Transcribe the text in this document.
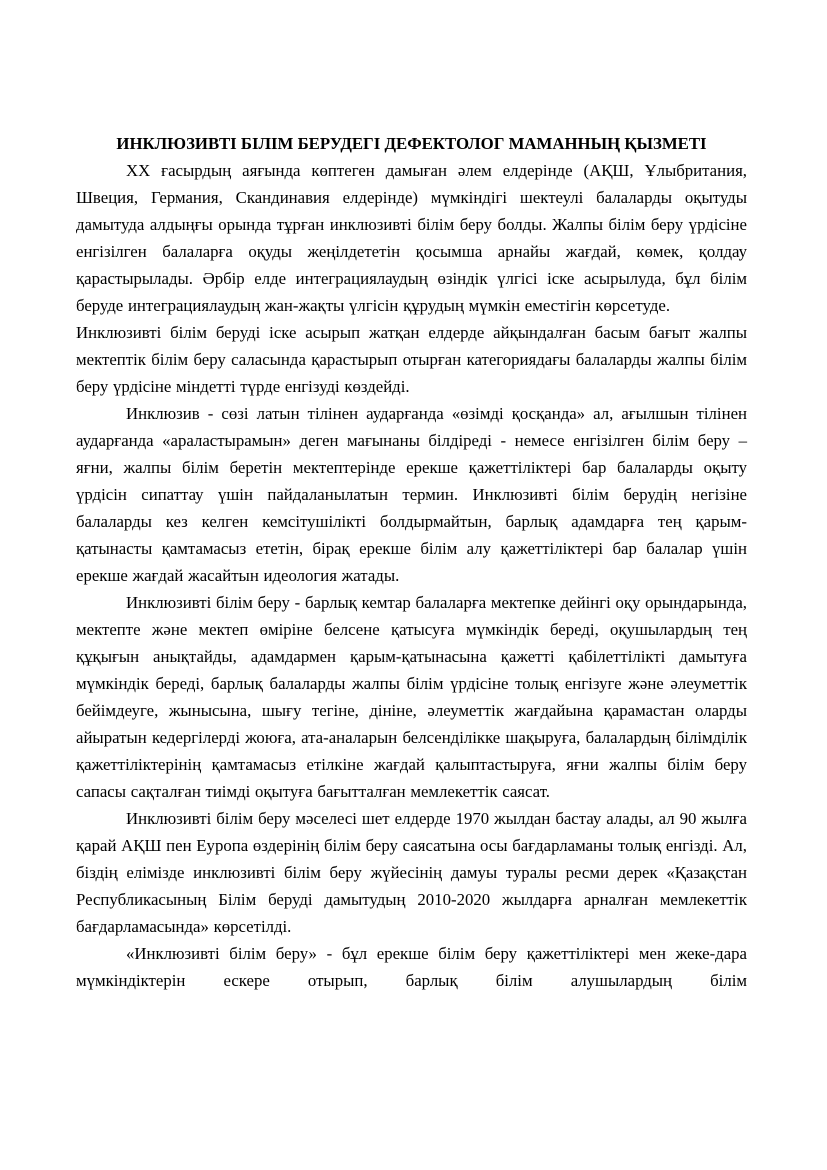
ИНКЛЮЗИВТІ БІЛІМ БЕРУДЕГІ ДЕФЕКТОЛОГ МАМАННЫҢ ҚЫЗМЕТІ

ХХ ғасырдың аяғында көптеген дамыған әлем елдерінде (АҚШ, Ұлыбритания, Швеция, Германия, Скандинавия елдерінде) мүмкіндігі шектеулі балаларды оқытуды дамытуда алдыңғы орында тұрған инклюзивті білім беру болды. Жалпы білім беру үрдісіне енгізілген балаларға оқуды жеңілдететін қосымша арнайы жағдай, көмек, қолдау қарастырылады. Әрбір елде интеграциялаудың өзіндік үлгісі іске асырылуда, бұл білім беруде интеграциялаудың жан-жақты үлгісін құрудың мүмкін еместігін көрсетуде.

Инклюзивті білім беруді іске асырып жатқан елдерде айқындалған басым бағыт жалпы мектептік білім беру саласында қарастырып отырған категориядағы балаларды жалпы білім беру үрдісіне міндетті түрде енгізуді көздейді.

Инклюзив - сөзі латын тілінен аударғанда «өзімді қосқанда» ал, ағылшын тілінен аударғанда «араластырамын» деген мағынаны білдіреді - немесе енгізілген білім беру – яғни, жалпы білім беретін мектептерінде ерекше қажеттіліктері бар балаларды оқыту үрдісін сипаттау үшін пайдаланылатын термин. Инклюзивті білім берудің негізіне балаларды кез келген кемсітушілікті болдырмайтын, барлық адамдарға тең қарым-қатынасты қамтамасыз ететін, бірақ ерекше білім алу қажеттіліктері бар балалар үшін ерекше жағдай жасайтын идеология жатады.

Инклюзивті білім беру - барлық кемтар балаларға мектепке дейінгі оқу орындарында, мектепте және мектеп өміріне белсене қатысуға мүмкіндік береді, оқушылардың тең құқығын анықтайды, адамдармен қарым-қатынасына қажетті қабілеттілікті дамытуға мүмкіндік береді, барлық балаларды жалпы білім үрдісіне толық енгізуге және әлеуметтік бейімдеуге, жынысына, шығу тегіне, дініне, әлеуметтік жағдайына қарамастан оларды айыратын кедергілерді жоюға, ата-аналарын белсенділікке шақыруға, балалардың білімділік қажеттіліктерінің қамтамасыз етілкіне жағдай қалыптастыруға, яғни жалпы білім беру сапасы сақталған тиімді оқытуға бағытталған мемлекеттік саясат.

Инклюзивті білім беру мәселесі шет елдерде 1970 жылдан бастау алады, ал 90 жылға қарай АҚШ пен Еуропа өздерінің білім беру саясатына осы бағдарламаны толық енгізді. Ал, біздің елімізде инклюзивті білім беру жүйесінің дамуы туралы ресми дерек «Қазақстан Республикасының Білім беруді дамытудың 2010-2020 жылдарға арналған мемлекеттік бағдарламасында» көрсетілді.

«Инклюзивті білім беру» - бұл ерекше білім беру қажеттіліктері мен жеке-дара мүмкіндіктерін ескере отырып, барлық білім алушылардың білім
